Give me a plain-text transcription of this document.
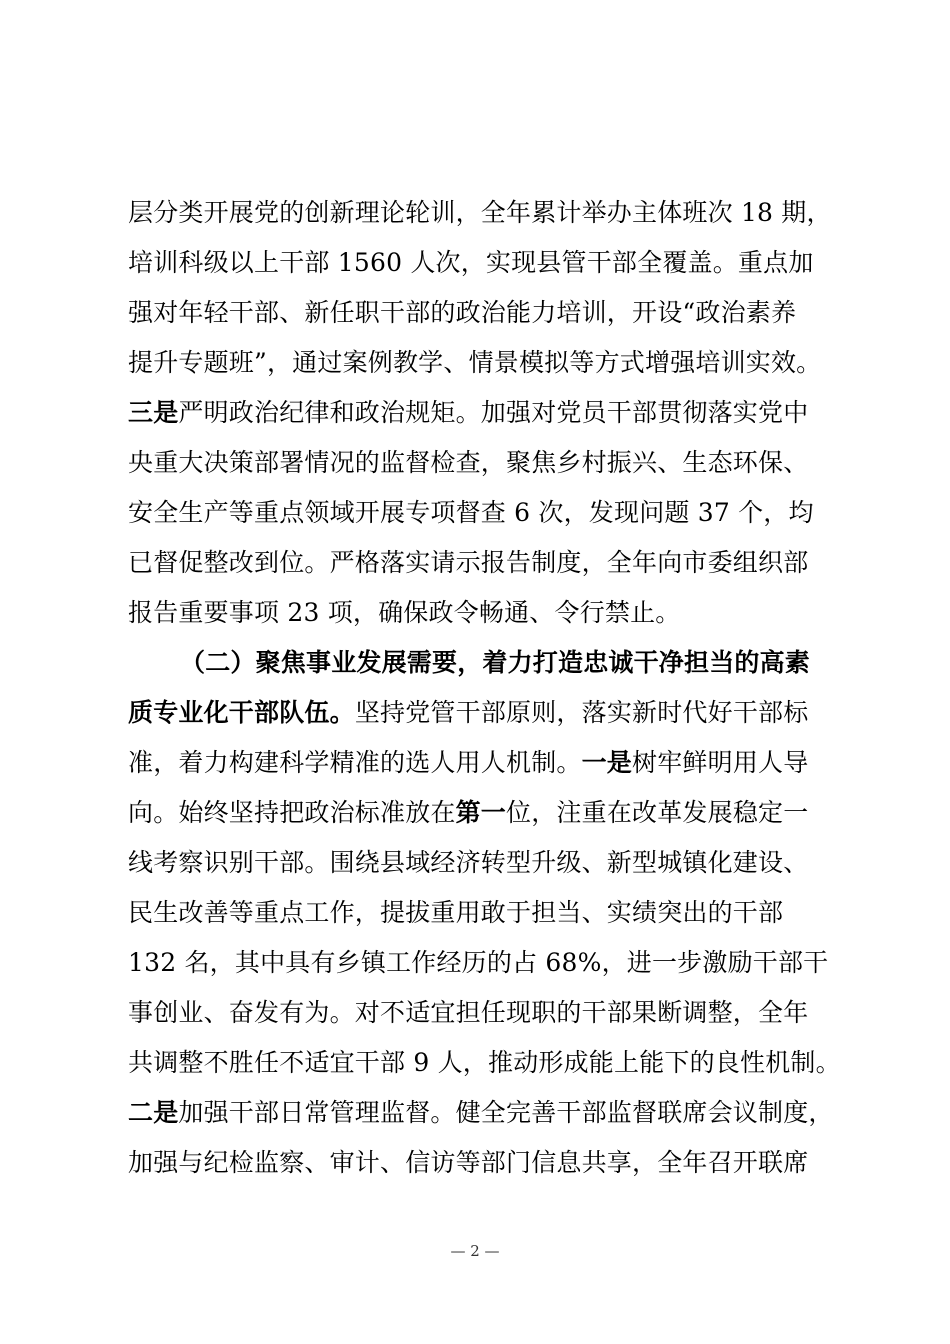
层分类开展党的创新理论轮训，全年累计举办主体班次 18 期，
培训科级以上干部 1560 人次，实现县管干部全覆盖。重点加
强对年轻干部、新任职干部的政治能力培训，开设“政治素养
提升专题班”，通过案例教学、情景模拟等方式增强培训实效。
三是严明政治纪律和政治规矩。加强对党员干部贯彻落实党中
央重大决策部署情况的监督检查，聚焦乡村振兴、生态环保、
安全生产等重点领域开展专项督查 6 次，发现问题 37 个，均
已督促整改到位。严格落实请示报告制度，全年向市委组织部
报告重要事项 23 项，确保政令畅通、令行禁止。
（二）聚焦事业发展需要，着力打造忠诚干净担当的高素
质专业化干部队伍。坚持党管干部原则，落实新时代好干部标
准，着力构建科学精准的选人用人机制。一是树牢鲜明用人导
向。始终坚持把政治标准放在第一位，注重在改革发展稳定一
线考察识别干部。围绕县域经济转型升级、新型城镇化建设、
民生改善等重点工作，提拔重用敢于担当、实绩突出的干部
132 名，其中具有乡镇工作经历的占 68%，进一步激励干部干
事创业、奋发有为。对不适宜担任现职的干部果断调整，全年
共调整不胜任不适宜干部 9 人，推动形成能上能下的良性机制。
二是加强干部日常管理监督。健全完善干部监督联席会议制度，
加强与纪检监察、审计、信访等部门信息共享，全年召开联席
— 2 —
